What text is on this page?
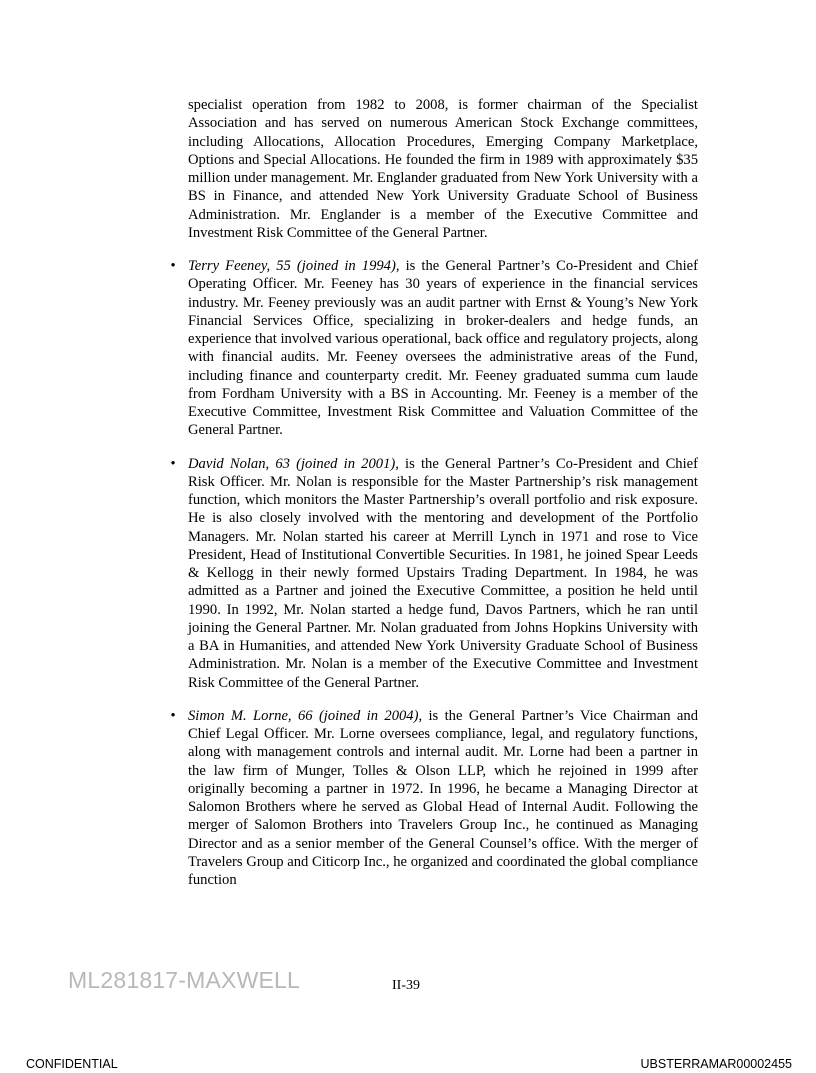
specialist operation from 1982 to 2008, is former chairman of the Specialist Association and has served on numerous American Stock Exchange committees, including Allocations, Allocation Procedures, Emerging Company Marketplace, Options and Special Allocations. He founded the firm in 1989 with approximately $35 million under management. Mr. Englander graduated from New York University with a BS in Finance, and attended New York University Graduate School of Business Administration. Mr. Englander is a member of the Executive Committee and Investment Risk Committee of the General Partner.

• Terry Feeney, 55 (joined in 1994), is the General Partner’s Co-President and Chief Operating Officer. Mr. Feeney has 30 years of experience in the financial services industry. Mr. Feeney previously was an audit partner with Ernst & Young’s New York Financial Services Office, specializing in broker-dealers and hedge funds, an experience that involved various operational, back office and regulatory projects, along with financial audits. Mr. Feeney oversees the administrative areas of the Fund, including finance and counterparty credit. Mr. Feeney graduated summa cum laude from Fordham University with a BS in Accounting. Mr. Feeney is a member of the Executive Committee, Investment Risk Committee and Valuation Committee of the General Partner.
• David Nolan, 63 (joined in 2001), is the General Partner’s Co-President and Chief Risk Officer. Mr. Nolan is responsible for the Master Partnership’s risk management function, which monitors the Master Partnership’s overall portfolio and risk exposure. He is also closely involved with the mentoring and development of the Portfolio Managers. Mr. Nolan started his career at Merrill Lynch in 1971 and rose to Vice President, Head of Institutional Convertible Securities. In 1981, he joined Spear Leeds & Kellogg in their newly formed Upstairs Trading Department. In 1984, he was admitted as a Partner and joined the Executive Committee, a position he held until 1990. In 1992, Mr. Nolan started a hedge fund, Davos Partners, which he ran until joining the General Partner. Mr. Nolan graduated from Johns Hopkins University with a BA in Humanities, and attended New York University Graduate School of Business Administration. Mr. Nolan is a member of the Executive Committee and Investment Risk Committee of the General Partner.
• Simon M. Lorne, 66 (joined in 2004), is the General Partner’s Vice Chairman and Chief Legal Officer. Mr. Lorne oversees compliance, legal, and regulatory functions, along with management controls and internal audit. Mr. Lorne had been a partner in the law firm of Munger, Tolles & Olson LLP, which he rejoined in 1999 after originally becoming a partner in 1972. In 1996, he became a Managing Director at Salomon Brothers where he served as Global Head of Internal Audit. Following the merger of Salomon Brothers into Travelers Group Inc., he continued as Managing Director and as a senior member of the General Counsel’s office. With the merger of Travelers Group and Citicorp Inc., he organized and coordinated the global compliance function
ML281817-MAXWELL	II-39
CONFIDENTIAL	UBSTERRAMAR00002455
